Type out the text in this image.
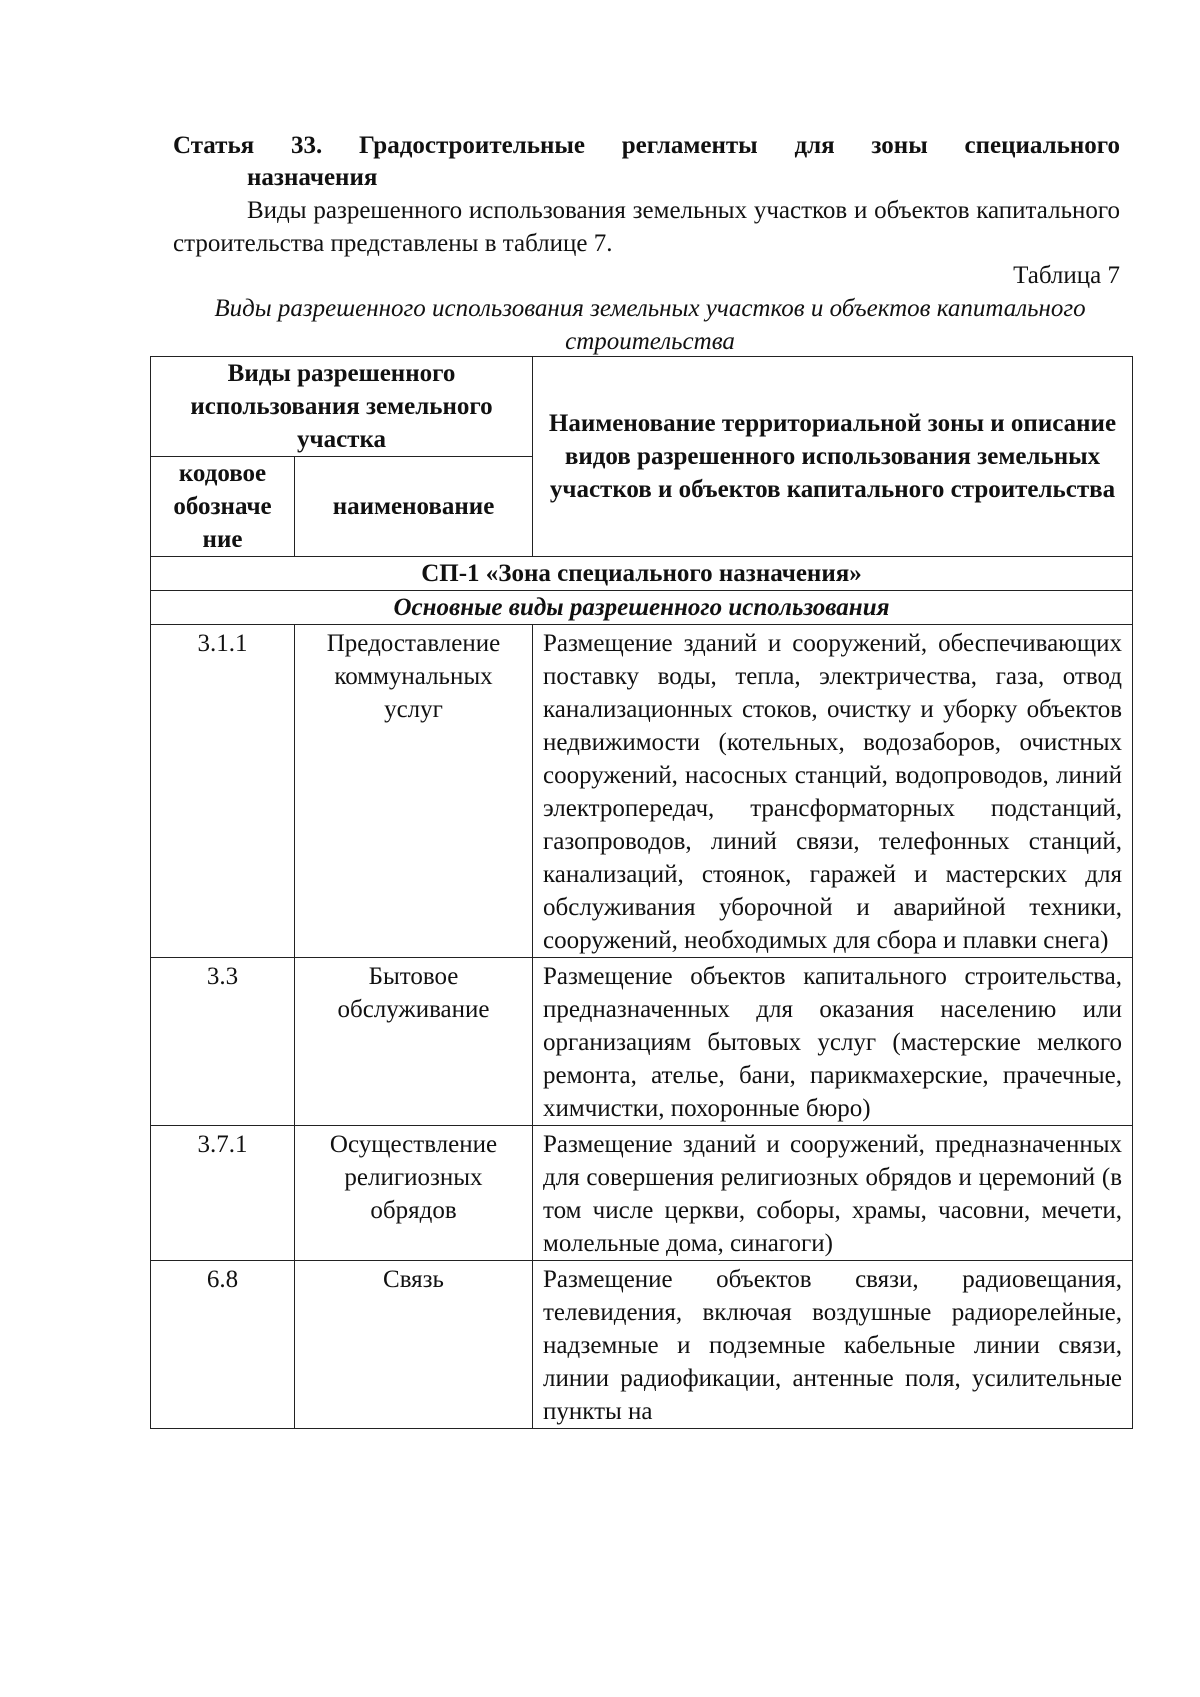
Статья 33. Градостроительные регламенты для зоны специального
назначения
Виды разрешенного использования земельных участков и объектов капитального строительства представлены в таблице 7.
Таблица 7
Виды разрешенного использования земельных участков и объектов капитального строительства
Виды разрешенного использования земельного участка		Наименование территориальной зоны и описание видов разрешенного использования земельных участков и объектов капитального строительства
кодовое обозначе ние	наименование	
СП-1 «Зона специального назначения»		
Основные виды разрешенного использования		
3.1.1	Предоставление коммунальных услуг	Размещение зданий и сооружений, обеспечивающих поставку воды, тепла, электричества, газа, отвод канализационных стоков, очистку и уборку объектов недвижимости (котельных, водозаборов, очистных сооружений, насосных станций, водопроводов, линий электропередач, трансформаторных подстанций, газопроводов, линий связи, телефонных станций, канализаций, стоянок, гаражей и мастерских для обслуживания уборочной и аварийной техники, сооружений, необходимых для сбора и плавки снега)
3.3	Бытовое обслуживание	Размещение объектов капитального строительства, предназначенных для оказания населению или организациям бытовых услуг (мастерские мелкого ремонта, ателье, бани, парикмахерские, прачечные, химчистки, похоронные бюро)
3.7.1	Осуществление религиозных обрядов	Размещение зданий и сооружений, предназначенных для совершения религиозных обрядов и церемоний (в том числе церкви, соборы, храмы, часовни, мечети, молельные дома, синагоги)
6.8	Связь	Размещение объектов связи, радиовещания, телевидения, включая воздушные радиорелейные, надземные и подземные кабельные линии связи, линии радиофикации, антенные поля, усилительные пункты на
